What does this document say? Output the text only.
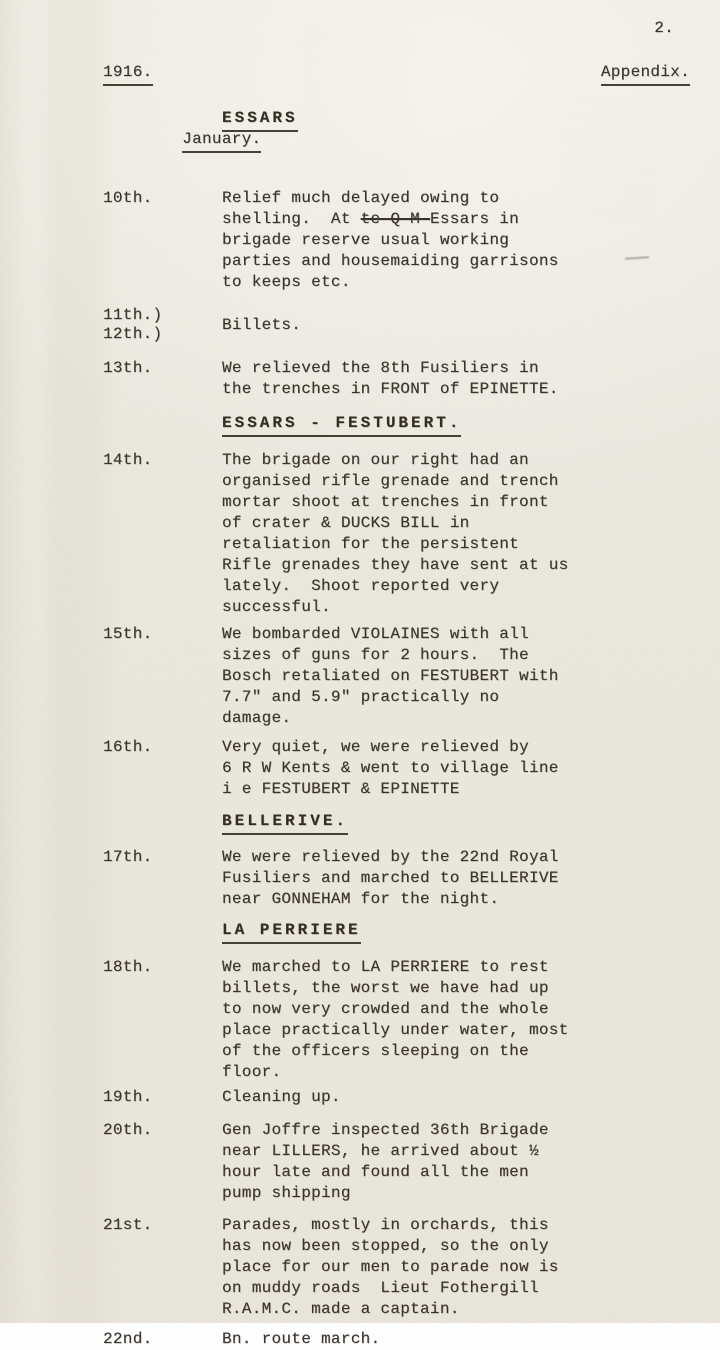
2.
1916.	Appendix.

January.

ESSARS
10th.	Relief much delayed owing to
shelling.  At te-Q-M-Essars in
brigade reserve usual working
parties and housemaiding garrisons
to keeps etc.
11th.)
12th.)
Billets.
13th.	We relieved the 8th Fusiliers in
the trenches in FRONT of EPINETTE.
ESSARS - FESTUBERT.
14th.	The brigade on our right had an
organised rifle grenade and trench
mortar shoot at trenches in front
of crater & DUCKS BILL in
retaliation for the persistent
Rifle grenades they have sent at us
lately.  Shoot reported very
successful.
15th.	We bombarded VIOLAINES with all
sizes of guns for 2 hours.  The
Bosch retaliated on FESTUBERT with
7.7" and 5.9" practically no
damage.
16th.	Very quiet, we were relieved by
6 R W Kents & went to village line
i e FESTUBERT & EPINETTE
BELLERIVE.
17th.	We were relieved by the 22nd Royal
Fusiliers and marched to BELLERIVE
near GONNEHAM for the night.
LA PERRIERE
18th.	We marched to LA PERRIERE to rest
billets, the worst we have had up
to now very crowded and the whole
place practically under water, most
of the officers sleeping on the
floor.
19th.	Cleaning up.
20th.	Gen Joffre inspected 36th Brigade
near LILLERS, he arrived about ½
hour late and found all the men
pump shipping
21st.	Parades, mostly in orchards, this
has now been stopped, so the only
place for our men to parade now is
on muddy roads  Lieut Fothergill
R.A.M.C. made a captain.
22nd.	Bn. route march.
